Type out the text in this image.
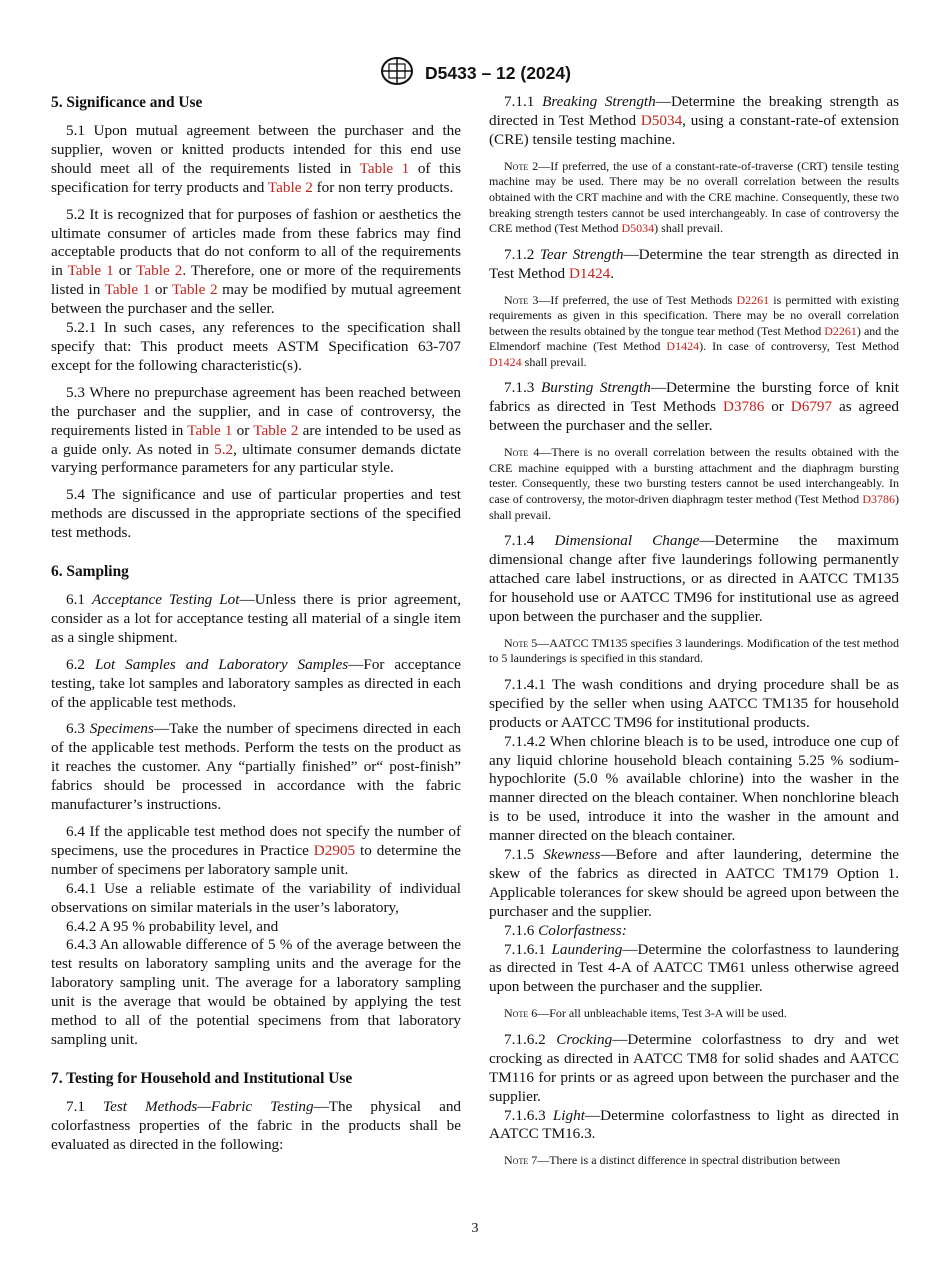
D5433 – 12 (2024)
5. Significance and Use

5.1 Upon mutual agreement between the purchaser and the supplier, woven or knitted products intended for this end use should meet all of the requirements listed in Table 1 of this specification for terry products and Table 2 for non terry products.

5.2 It is recognized that for purposes of fashion or aesthetics the ultimate consumer of articles made from these fabrics may find acceptable products that do not conform to all of the requirements in Table 1 or Table 2. Therefore, one or more of the requirements listed in Table 1 or Table 2 may be modified by mutual agreement between the purchaser and the seller.

5.2.1 In such cases, any references to the specification shall specify that: This product meets ASTM Specification 63-707 except for the following characteristic(s).

5.3 Where no prepurchase agreement has been reached between the purchaser and the supplier, and in case of controversy, the requirements listed in Table 1 or Table 2 are intended to be used as a guide only. As noted in 5.2, ultimate consumer demands dictate varying performance parameters for any particular style.

5.4 The significance and use of particular properties and test methods are discussed in the appropriate sections of the specified test methods.

6. Sampling

6.1 Acceptance Testing Lot—Unless there is prior agreement, consider as a lot for acceptance testing all material of a single item as a single shipment.

6.2 Lot Samples and Laboratory Samples—For acceptance testing, take lot samples and laboratory samples as directed in each of the applicable test methods.

6.3 Specimens—Take the number of specimens directed in each of the applicable test methods. Perform the tests on the product as it reaches the customer. Any “partially finished” or“ post-finish” fabrics should be processed in accordance with the fabric manufacturer’s instructions.

6.4 If the applicable test method does not specify the number of specimens, use the procedures in Practice D2905 to determine the number of specimens per laboratory sample unit.

6.4.1 Use a reliable estimate of the variability of individual observations on similar materials in the user’s laboratory,

6.4.2 A 95 % probability level, and

6.4.3 An allowable difference of 5 % of the average between the test results on laboratory sampling units and the average for the laboratory sampling unit. The average for a laboratory sampling unit is the average that would be obtained by applying the test method to all of the potential specimens from that laboratory sampling unit.

7. Testing for Household and Institutional Use

7.1 Test Methods—Fabric Testing—The physical and colorfastness properties of the fabric in the products shall be evaluated as directed in the following:

7.1.1 Breaking Strength—Determine the breaking strength as directed in Test Method D5034, using a constant-rate-of extension (CRE) tensile testing machine.

Note 2—If preferred, the use of a constant-rate-of-traverse (CRT) tensile testing machine may be used. There may be no overall correlation between the results obtained with the CRT machine and with the CRE machine. Consequently, these two breaking strength testers cannot be used interchangeably. In case of controversy the CRE method (Test Method D5034) shall prevail.

7.1.2 Tear Strength—Determine the tear strength as directed in Test Method D1424.

Note 3—If preferred, the use of Test Methods D2261 is permitted with existing requirements as given in this specification. There may be no overall correlation between the results obtained by the tongue tear method (Test Method D2261) and the Elmendorf machine (Test Method D1424). In case of controversy, Test Method D1424 shall prevail.

7.1.3 Bursting Strength—Determine the bursting force of knit fabrics as directed in Test Methods D3786 or D6797 as agreed between the purchaser and the seller.

Note 4—There is no overall correlation between the results obtained with the CRE machine equipped with a bursting attachment and the diaphragm bursting tester. Consequently, these two bursting testers cannot be used interchangeably. In case of controversy, the motor-driven diaphragm tester method (Test Method D3786) shall prevail.

7.1.4 Dimensional Change—Determine the maximum dimensional change after five launderings following permanently attached care label instructions, or as directed in AATCC TM135 for household use or AATCC TM96 for institutional use as agreed upon between the purchaser and the supplier.

Note 5—AATCC TM135 specifies 3 launderings. Modification of the test method to 5 launderings is specified in this standard.

7.1.4.1 The wash conditions and drying procedure shall be as specified by the seller when using AATCC TM135 for household products or AATCC TM96 for institutional products.

7.1.4.2 When chlorine bleach is to be used, introduce one cup of any liquid chlorine household bleach containing 5.25 % sodium-hypochlorite (5.0 % available chlorine) into the washer in the manner directed on the bleach container. When nonchlorine bleach is to be used, introduce it into the washer in the amount and manner directed on the bleach container.

7.1.5 Skewness—Before and after laundering, determine the skew of the fabrics as directed in AATCC TM179 Option 1. Applicable tolerances for skew should be agreed upon between the purchaser and the supplier.

7.1.6 Colorfastness:

7.1.6.1 Laundering—Determine the colorfastness to laundering as directed in Test 4-A of AATCC TM61 unless otherwise agreed upon between the purchaser and the supplier.

Note 6—For all unbleachable items, Test 3-A will be used.

7.1.6.2 Crocking—Determine colorfastness to dry and wet crocking as directed in AATCC TM8 for solid shades and AATCC TM116 for prints or as agreed upon between the purchaser and the supplier.

7.1.6.3 Light—Determine colorfastness to light as directed in AATCC TM16.3.

Note 7—There is a distinct difference in spectral distribution between
3
